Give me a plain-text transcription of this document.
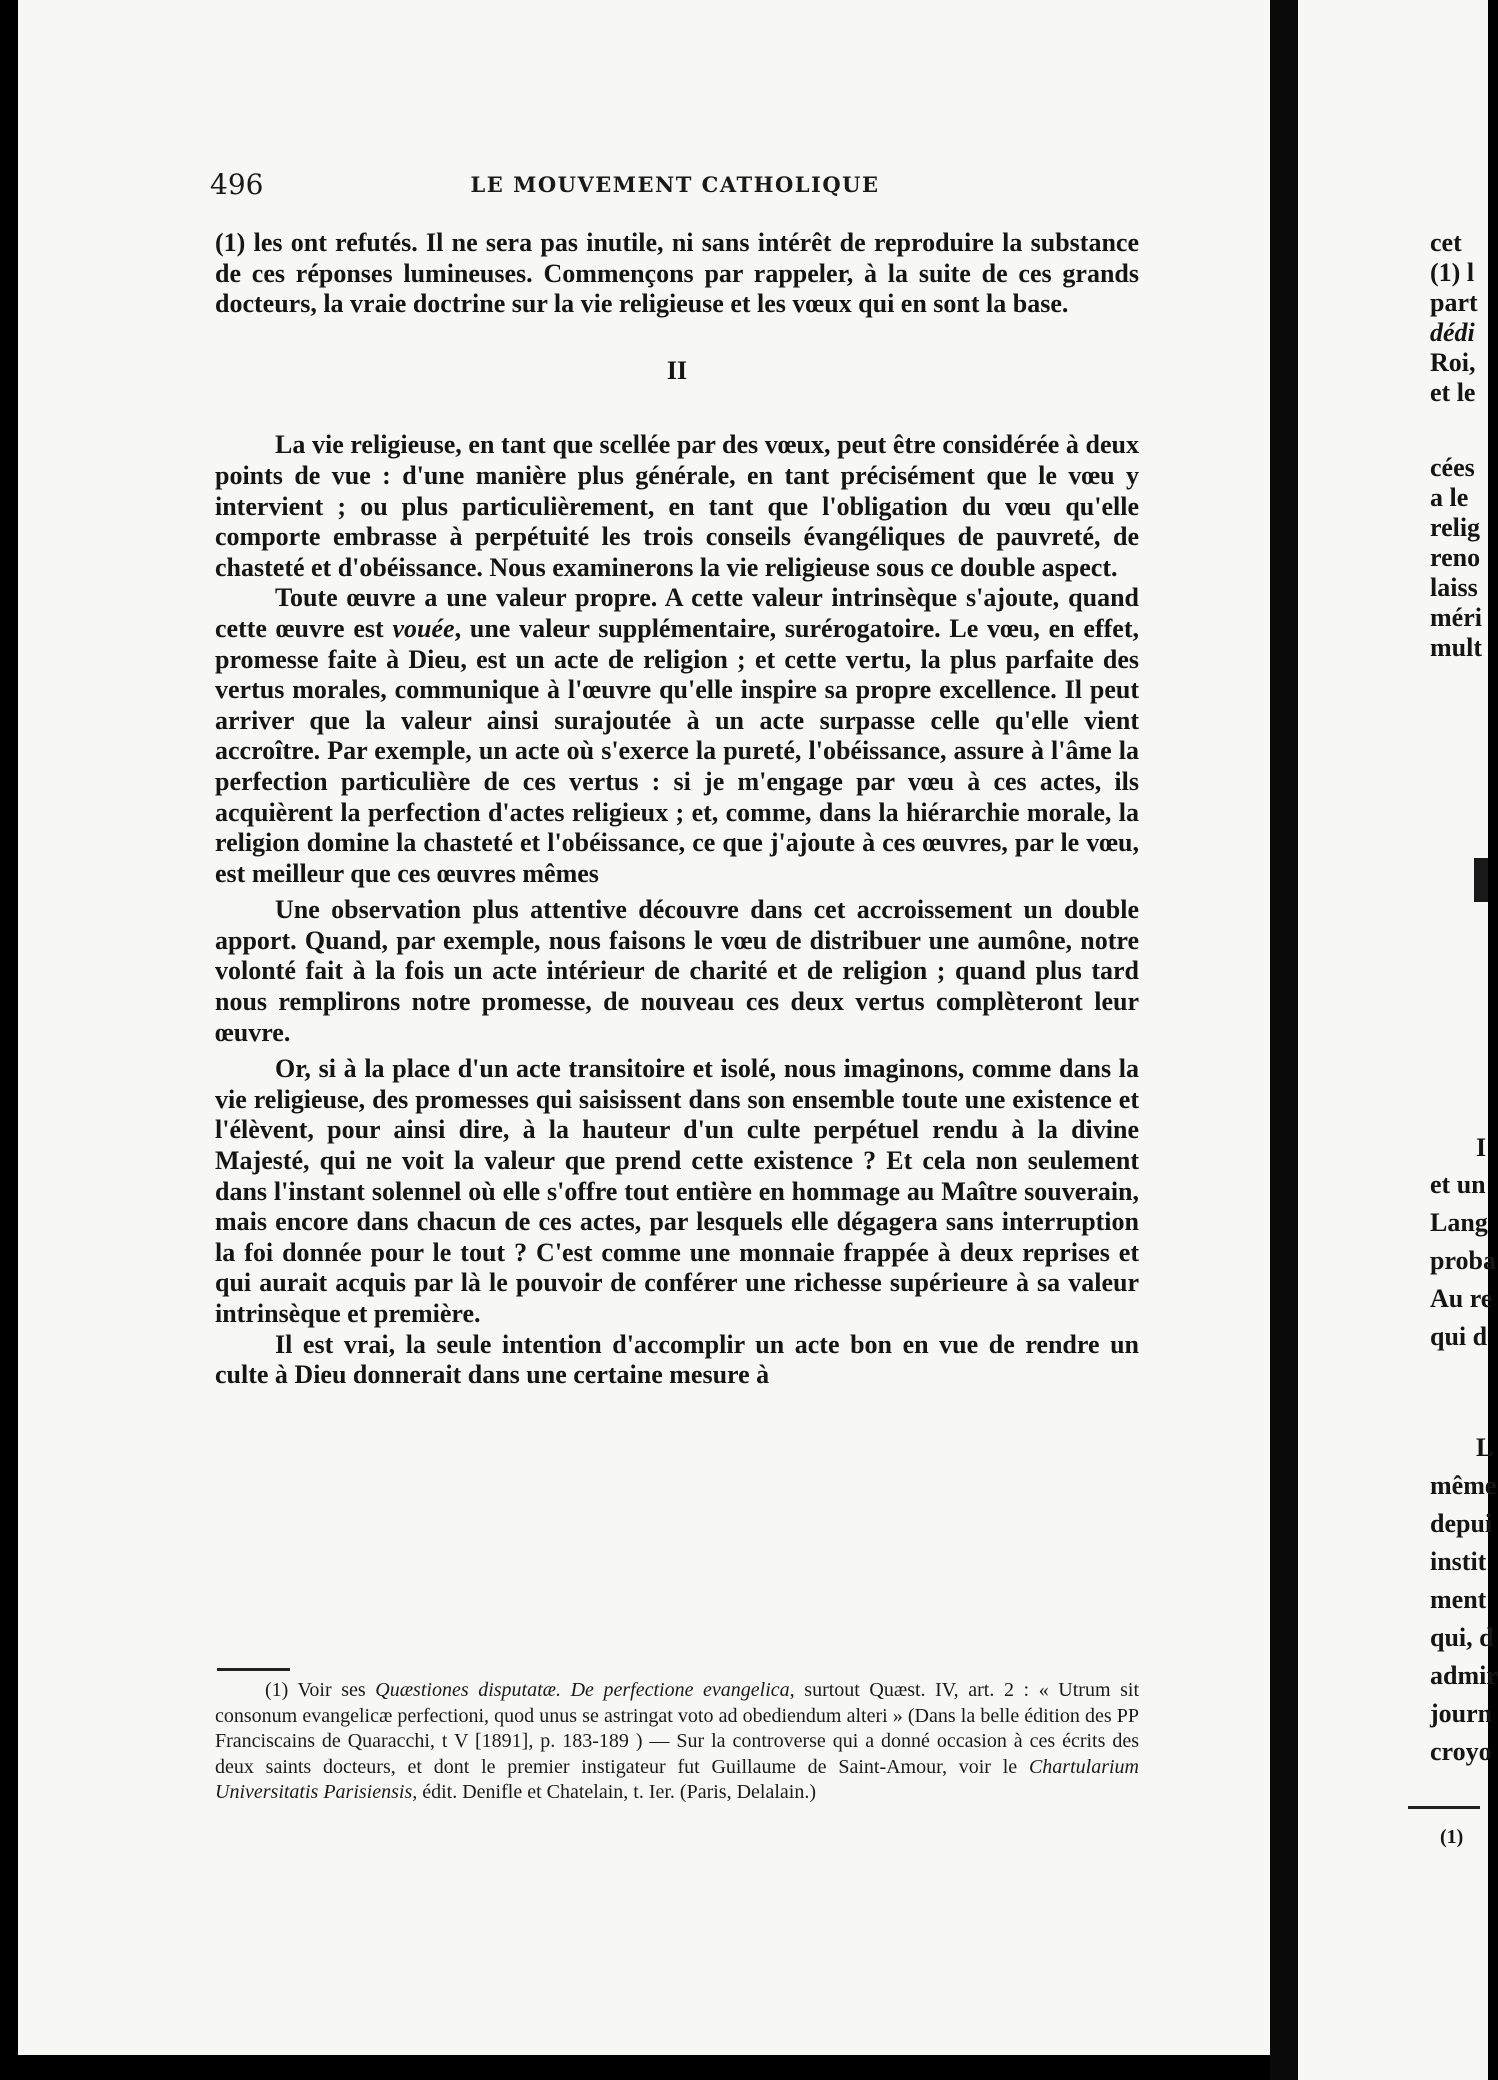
496	LE MOUVEMENT CATHOLIQUE

(1) les ont refutés. Il ne sera pas inutile, ni sans intérêt de reproduire la substance de ces réponses lumineuses. Commençons par rappeler, à la suite de ces grands docteurs, la vraie doctrine sur la vie religieuse et les vœux qui en sont la base.

II

La vie religieuse, en tant que scellée par des vœux, peut être considérée à deux points de vue : d'une manière plus générale, en tant précisément que le vœu y intervient ; ou plus particulièrement, en tant que l'obligation du vœu qu'elle comporte embrasse à perpétuité les trois conseils évangéliques de pauvreté, de chasteté et d'obéissance. Nous examinerons la vie religieuse sous ce double aspect.

Toute œuvre a une valeur propre. A cette valeur intrinsèque s'ajoute, quand cette œuvre est vouée, une valeur supplémentaire, surérogatoire. Le vœu, en effet, promesse faite à Dieu, est un acte de religion ; et cette vertu, la plus parfaite des vertus morales, communique à l'œuvre qu'elle inspire sa propre excellence. Il peut arriver que la valeur ainsi surajoutée à un acte surpasse celle qu'elle vient accroître. Par exemple, un acte où s'exerce la pureté, l'obéissance, assure à l'âme la perfection particulière de ces vertus : si je m'engage par vœu à ces actes, ils acquièrent la perfection d'actes religieux ; et, comme, dans la hiérarchie morale, la religion domine la chasteté et l'obéissance, ce que j'ajoute à ces œuvres, par le vœu, est meilleur que ces œuvres mêmes

Une observation plus attentive découvre dans cet accroissement un double apport. Quand, par exemple, nous faisons le vœu de distribuer une aumône, notre volonté fait à la fois un acte intérieur de charité et de religion ; quand plus tard nous remplirons notre promesse, de nouveau ces deux vertus complèteront leur œuvre.

Or, si à la place d'un acte transitoire et isolé, nous imaginons, comme dans la vie religieuse, des promesses qui saisissent dans son ensemble toute une existence et l'élèvent, pour ainsi dire, à la hauteur d'un culte perpétuel rendu à la divine Majesté, qui ne voit la valeur que prend cette existence ? Et cela non seulement dans l'instant solennel où elle s'offre tout entière en hommage au Maître souverain, mais encore dans chacun de ces actes, par lesquels elle dégagera sans interruption la foi donnée pour le tout ? C'est comme une monnaie frappée à deux reprises et qui aurait acquis par là le pouvoir de conférer une richesse supérieure à sa valeur intrinsèque et première.

Il est vrai, la seule intention d'accomplir un acte bon en vue de rendre un culte à Dieu donnerait dans une certaine mesure à

(1) Voir ses Quæstiones disputatæ. De perfectione evangelica, surtout Quæst. IV, art. 2 : « Utrum sit consonum evangelicæ perfectioni, quod unus se astringat voto ad obediendum alteri » (Dans la belle édition des PP Franciscains de Quaracchi, t V [1891], p. 183-189 ) — Sur la controverse qui a donné occasion à ces écrits des deux saints docteurs, et dont le premier instigateur fut Guillaume de Saint-Amour, voir le Chartularium Universitatis Parisiensis, édit. Denifle et Chatelain, t. Ier. (Paris, Delalain.)
cet
(1) l
part
dédi
Roi,
et le
cées
a le
relig
reno
laiss
méri
mult
I
et un
Lang
proba
Au re
qui d
L
même
depui
instit
ment
qui, d
admir
journ
croyo
(1)
